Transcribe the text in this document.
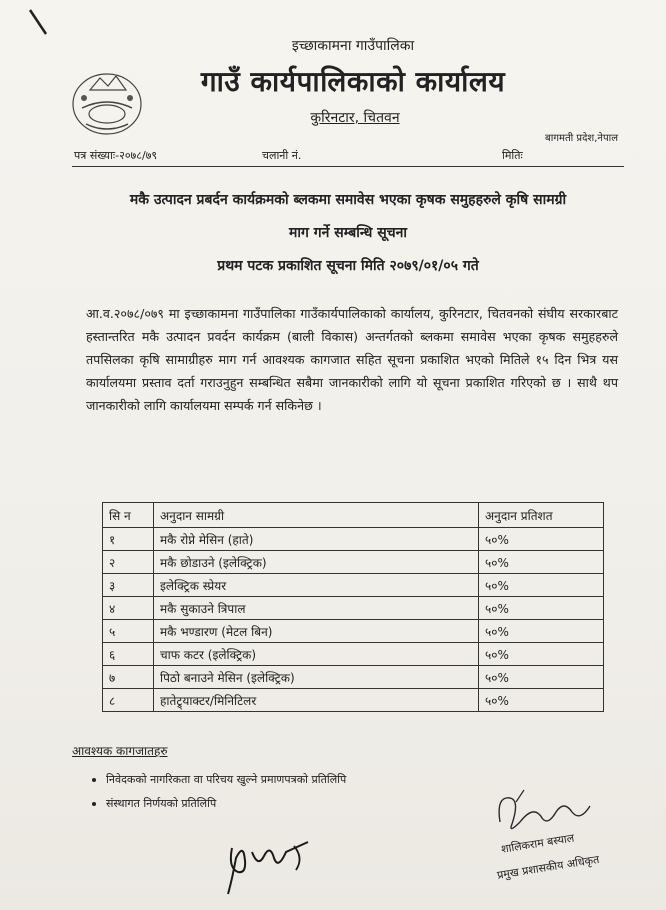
इच्छाकामना गाउँपालिका
गाउँ कार्यपालिकाको कार्यालय
कुरिनटार, चितवन
बागमती प्रदेश,नेपाल
पत्र संख्याः-२०७८/७९	चलानी नं.	मितिः
मकै उत्पादन प्रबर्दन कार्यक्रमको ब्लकमा समावेस भएका कृषक समुहहरुले कृषि सामग्री
माग गर्ने सम्बन्धि सूचना
प्रथम पटक प्रकाशित सूचना मिति २०७९/०१/०५ गते
आ.व.२०७८/०७९ मा इच्छाकामना गाउँपालिका गाउँकार्यपालिकाको कार्यालय, कुरिनटार, चितवनको संघीय सरकारबाट हस्तान्तरित मकै उत्पादन प्रवर्दन कार्यक्रम (बाली विकास) अन्तर्गतको ब्लकमा समावेस भएका कृषक समुहहरुले तपसिलका कृषि सामाग्रीहरु माग गर्न आवश्यक कागजात सहित सूचना प्रकाशित भएको मितिले १५ दिन भित्र यस कार्यालयमा प्रस्ताव दर्ता गराउनुहुन सम्बन्धित सबैमा जानकारीको लागि यो सूचना प्रकाशित गरिएको छ । साथै थप जानकारीको लागि कार्यालयमा सम्पर्क गर्न सकिनेछ ।
सि न	अनुदान सामग्री	अनुदान प्रतिशत
१	मकै रोप्ने मेसिन (हाते)	५०%
२	मकै छोडाउने (इलेक्ट्रिक)	५०%
३	इलेक्ट्रिक स्प्रेयर	५०%
४	मकै सुकाउने त्रिपाल	५०%
५	मकै भण्डारण (मेटल बिन)	५०%
६	चाफ कटर (इलेक्ट्रिक)	५०%
७	पिठो बनाउने मेसिन (इलेक्ट्रिक)	५०%
८	हातेट्र्याक्टर/मिनिटिलर	५०%
आवश्यक कागजातहरु
निवेदकको नागरिकता वा परिचय खुल्ने प्रमाणपत्रको प्रतिलिपि
संस्थागत निर्णयको प्रतिलिपि
शालिकराम बस्याल
प्रमुख प्रशासकीय अधिकृत
